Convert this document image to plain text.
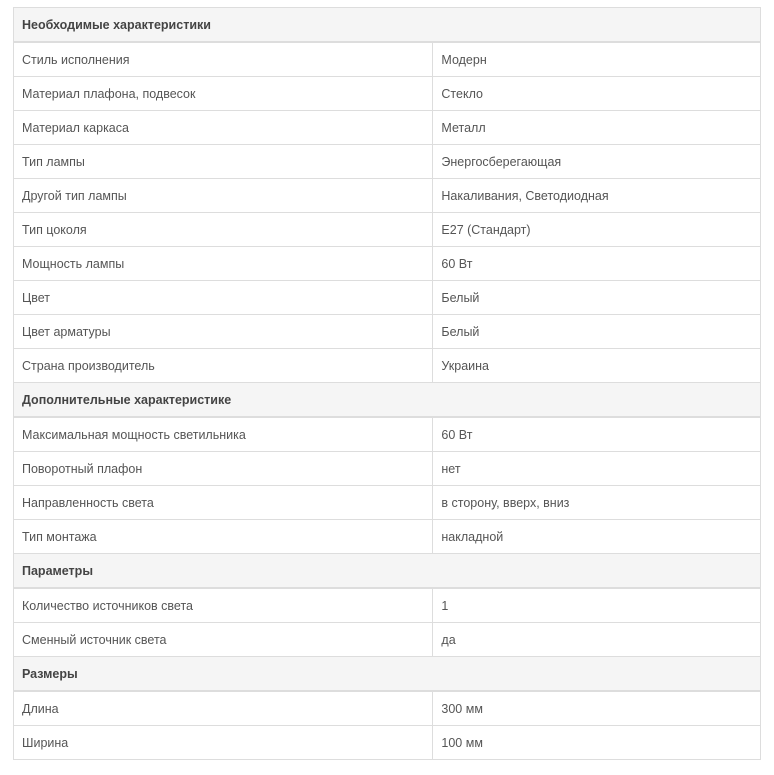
Необходимые характеристики	
Стиль исполнения	Модерн
Материал плафона, подвесок	Стекло
Материал каркаса	Металл
Тип лампы	Энергосберегающая
Другой тип лампы	Накаливания, Светодиодная
Тип цоколя	E27 (Стандарт)
Мощность лампы	60 Вт
Цвет	Белый
Цвет арматуры	Белый
Страна производитель	Украина
Дополнительные характеристике	
Максимальная мощность светильника	60 Вт
Поворотный плафон	нет
Направленность света	в сторону, вверх, вниз
Тип монтажа	накладной
Параметры	
Количество источников света	1
Сменный источник света	да
Размеры	
Длина	300 мм
Ширина	100 мм
